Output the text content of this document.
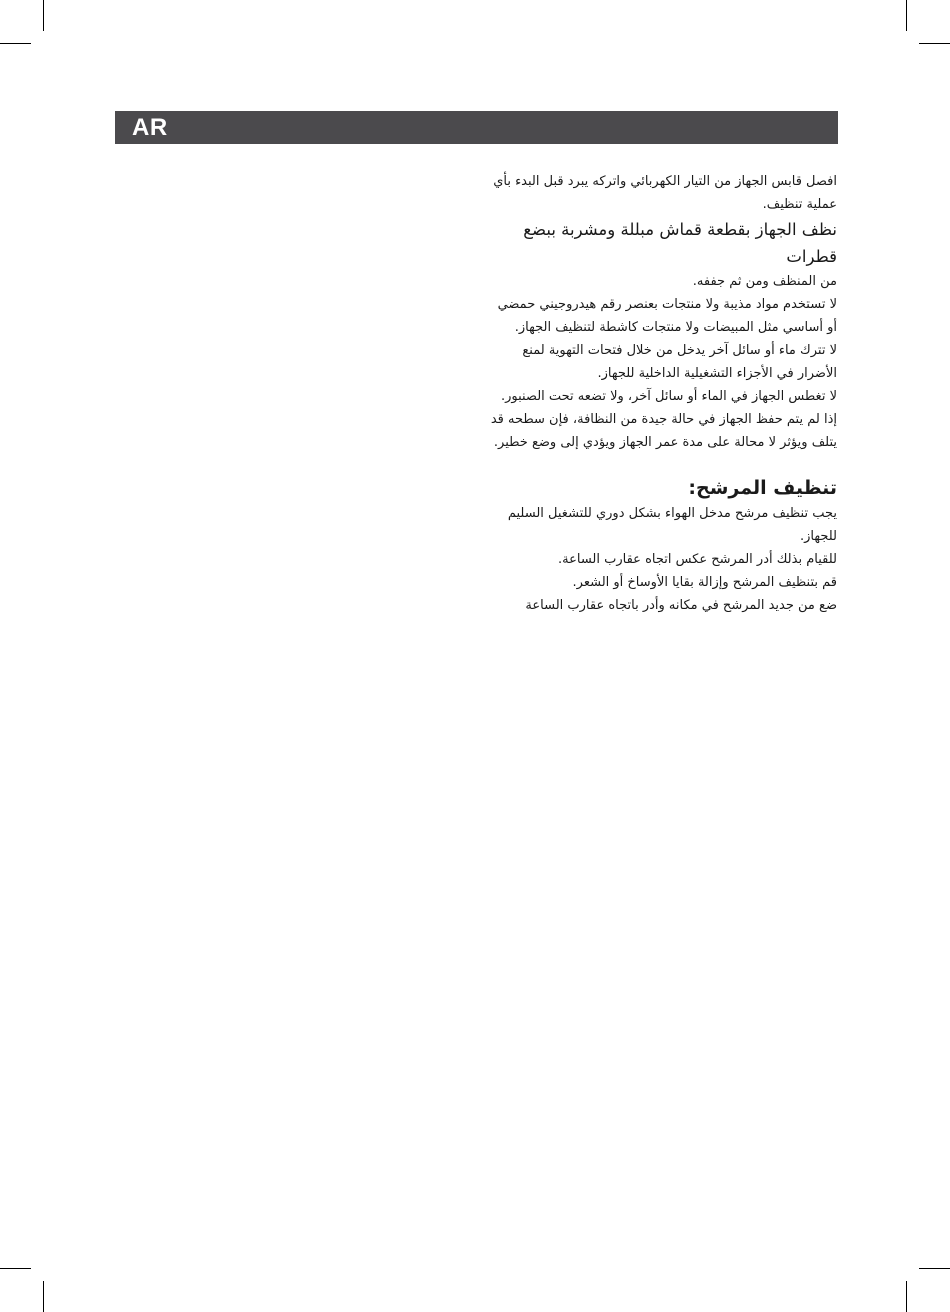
AR

افصل قابس الجهاز من التيار الكهربائي واتركه يبرد قبل البدء بأي

عملية تنظيف.

نظف الجهاز بقطعة قماش مبللة ومشربة ببضع قطرات

من المنظف ومن ثم جففه.

لا تستخدم مواد مذيبة ولا منتجات بعنصر رقم هيدروجيني حمضي

أو أساسي مثل المبيضات ولا منتجات كاشطة لتنظيف الجهاز.

لا تترك ماء أو سائل آخر يدخل من خلال فتحات التهوية لمنع

الأضرار في الأجزاء التشغيلية الداخلية للجهاز.

لا تغطس الجهاز في الماء أو سائل آخر، ولا تضعه تحت الصنبور.

إذا لم يتم حفظ الجهاز في حالة جيدة من النظافة، فإن سطحه قد

يتلف ويؤثر لا محالة على مدة عمر الجهاز ويؤدي إلى وضع خطير.

تنظيف المرشح:

يجب تنظيف مرشح مدخل الهواء بشكل دوري للتشغيل السليم

للجهاز.

للقيام بذلك أدر المرشح عكس اتجاه عقارب الساعة.

قم بتنظيف المرشح وإزالة بقايا الأوساخ أو الشعر.

ضع من جديد المرشح في مكانه وأدر باتجاه عقارب الساعة
